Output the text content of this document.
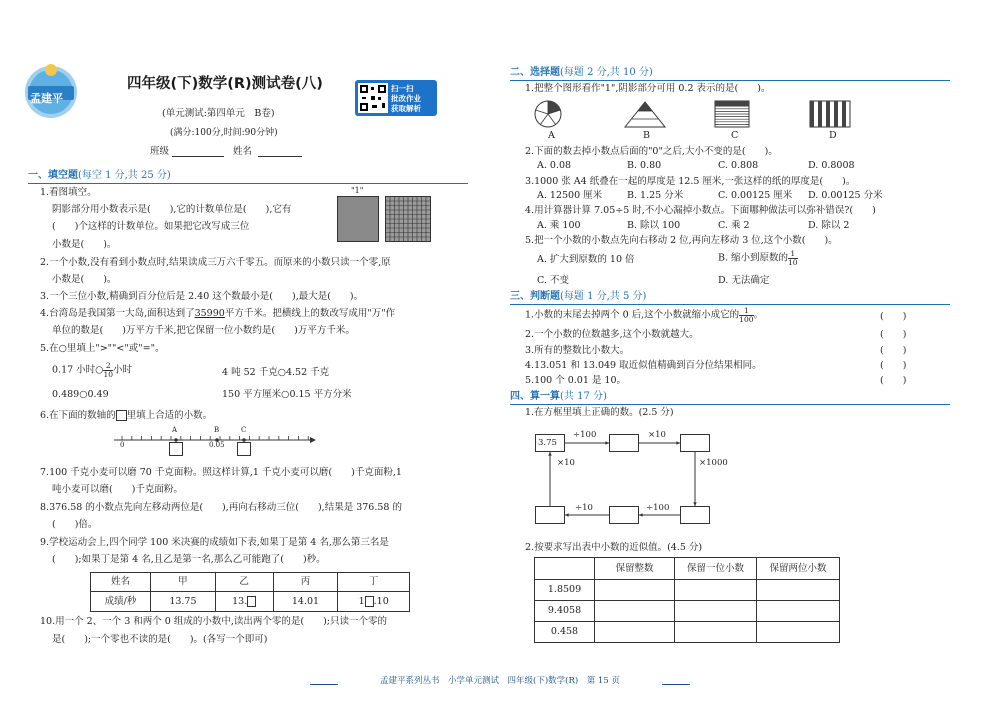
孟建平
四年级(下)数学(R)测试卷(八)
(单元测试:第四单元　B卷)
(满分:100分,时间:90分钟)
班级	姓名
扫一扫
批改作业
获取解析
一、填空题(每空 1 分,共 25 分)
1.看图填空。
阴影部分用小数表示是(　　),它的计数单位是(　　),它有
(　　)个这样的计数单位。如果把它改写成三位
小数是(　　)。
"1"
2.一个小数,没有看到小数点时,结果读成三万六千零五。而原来的小数只读一个零,原
小数是(　　)。
3.一个三位小数,精确到百分位后是 2.40 这个数最小是(　　),最大是(　　)。
4.台湾岛是我国第一大岛,面积达到了35990平方千米。把横线上的数改写成用"万"作
单位的数是(　　)万平方千米,把它保留一位小数约是(　　)万平方千米。
5.在○里填上">""<"或"="。
0.17 小时○ $\frac{2}{10}$ 小时	4 吨 52 千克○4.52 千克
0.489○0.49	150 平方厘米○0.15 平方分米
6.在下面的数轴的 里填上合适的小数。
A	B	C
0	0.05
7.100 千克小麦可以磨 70 千克面粉。照这样计算,1 千克小麦可以磨(　　)千克面粉,1
吨小麦可以磨(　　)千克面粉。
8.376.58 的小数点先向左移动两位是(　　),再向右移动三位(　　),结果是 376.58 的
(　　)倍。
9.学校运动会上,四个同学 100 米决赛的成绩如下表,如果丁是第 4 名,那么第三名是
(　　);如果丁是第 4 名,且乙是第一名,那么乙可能跑了(　　)秒。
姓名	甲	乙	丙	丁
成绩/秒	13.75	13.	14.01	1 .10
10.用一个 2、一个 3 和两个 0 组成的小数中,读出两个零的是(　　);只读一个零的
是(　　);一个零也不读的是(　　)。(各写一个即可)
二、选择题(每题 2 分,共 10 分)
1.把整个图形看作"1",阴影部分可用 0.2 表示的是(　　)。
A	B	C	D
2.下面的数去掉小数点后面的"0"之后,大小不变的是(　　)。
A. 0.08	B. 0.80	C. 0.808	D. 0.8008
3.1000 张 A4 纸叠在一起的厚度是 12.5 厘米,一张这样的纸的厚度是(　　)。
A. 12500 厘米	B. 1.25 分米	C. 0.00125 厘米 D. 0.00125 分米
4.用计算器计算 7.05÷5 时,不小心漏掉小数点。下面哪种做法可以弥补错误?(　　)
A. 乘 100	B. 除以 100	C. 乘 2	D. 除以 2
5.把一个小数的小数点先向右移动 2 位,再向左移动 3 位,这个小数(　　)。
A. 扩大到原数的 10 倍	B. 缩小到原数的 $\frac{1}{10}$
C. 不变	D. 无法确定
三、判断题(每题 1 分,共 5 分)
1.小数的末尾去掉两个 0 后,这个小数就缩小成它的 $\frac{1}{100}$ 。	(　　)
2.一个小数的位数越多,这个小数就越大。	(　　)
3.所有的整数比小数大。	(　　)
4.13.051 和 13.049 取近似值精确到百分位结果相同。	(　　)
5.100 个 0.01 是 10。	(　　)
四、算一算(共 17 分)
1.在方框里填上正确的数。(2.5 分)
3.75
÷100	×10
×10	×1000
÷10	÷100
2.按要求写出表中小数的近似值。(4.5 分)
	保留整数	保留一位小数	保留两位小数
1.8509			
9.4058			
0.458			
孟建平系列丛书　小学单元测试　四年级(下)数学(R)　第 15 页
